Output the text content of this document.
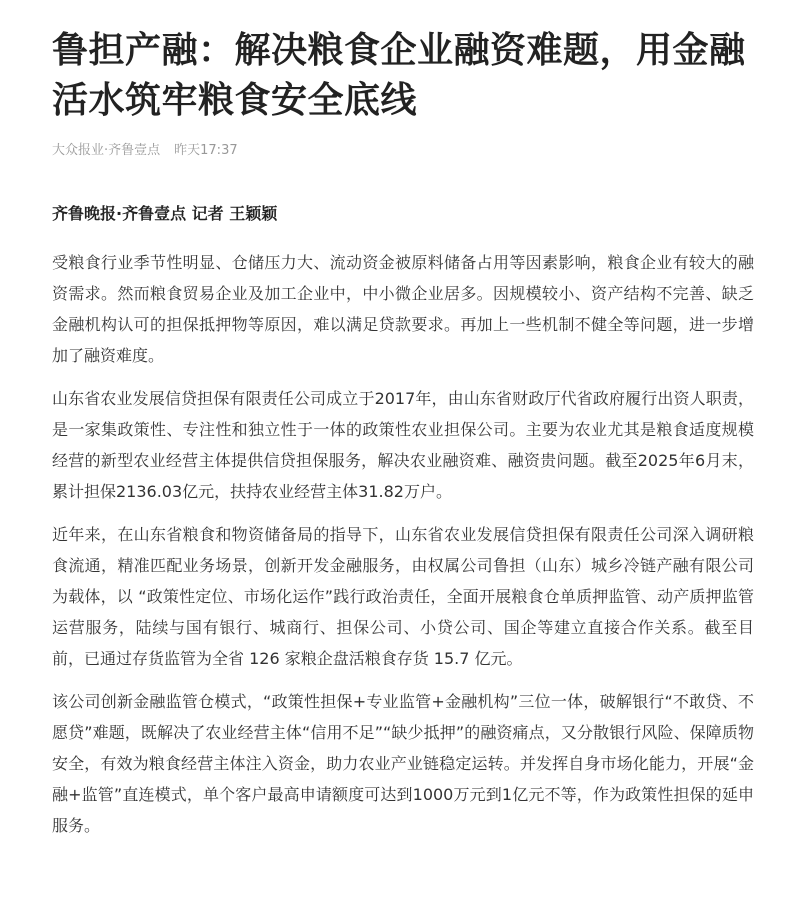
鲁担产融：解决粮食企业融资难题，用金融活水筑牢粮食安全底线
大众报业·齐鲁壹点 昨天17:37
齐鲁晚报·齐鲁壹点 记者 王颖颖

受粮食行业季节性明显、仓储压力大、流动资金被原料储备占用等因素影响，粮食企业有较大的融资需求。然而粮食贸易企业及加工企业中，中小微企业居多。因规模较小、资产结构不完善、缺乏金融机构认可的担保抵押物等原因，难以满足贷款要求。再加上一些机制不健全等问题，进一步增加了融资难度。

山东省农业发展信贷担保有限责任公司成立于2017年，由山东省财政厅代省政府履行出资人职责，是一家集政策性、专注性和独立性于一体的政策性农业担保公司。主要为农业尤其是粮食适度规模经营的新型农业经营主体提供信贷担保服务，解决农业融资难、融资贵问题。截至2025年6月末，累计担保2136.03亿元，扶持农业经营主体31.82万户。

近年来，在山东省粮食和物资储备局的指导下，山东省农业发展信贷担保有限责任公司深入调研粮食流通，精准匹配业务场景，创新开发金融服务，由权属公司鲁担（山东）城乡冷链产融有限公司为载体，以 “政策性定位、市场化运作”践行政治责任，全面开展粮食仓单质押监管、动产质押监管运营服务，陆续与国有银行、城商行、担保公司、小贷公司、国企等建立直接合作关系。截至目前，已通过存货监管为全省 126 家粮企盘活粮食存货 15.7 亿元。

该公司创新金融监管仓模式，“政策性担保+专业监管+金融机构”三位一体，破解银行“不敢贷、不愿贷”难题，既解决了农业经营主体“信用不足”“缺少抵押”的融资痛点，又分散银行风险、保障质物安全，有效为粮食经营主体注入资金，助力农业产业链稳定运转。并发挥自身市场化能力，开展“金融+监管”直连模式，单个客户最高申请额度可达到1000万元到1亿元不等，作为政策性担保的延申服务。
